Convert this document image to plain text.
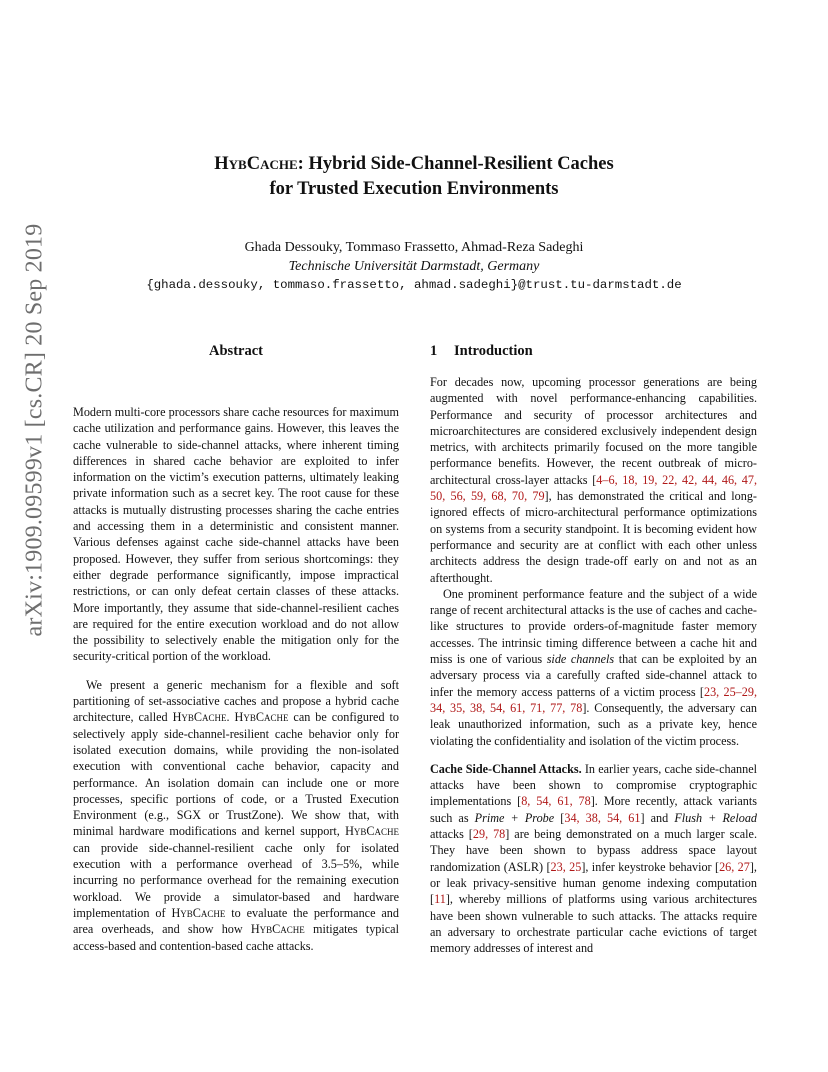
arXiv:1909.09599v1 [cs.CR] 20 Sep 2019
HybCache: Hybrid Side-Channel-Resilient Caches
for Trusted Execution Environments
Ghada Dessouky, Tommaso Frassetto, Ahmad-Reza Sadeghi
Technische Universität Darmstadt, Germany
{ghada.dessouky, tommaso.frassetto, ahmad.sadeghi}@trust.tu-darmstadt.de
Abstract	1 Introduction

Modern multi-core processors share cache resources for maximum cache utilization and performance gains. However, this leaves the cache vulnerable to side-channel attacks, where inherent timing differences in shared cache behavior are exploited to infer information on the victim’s execution patterns, ultimately leaking private information such as a secret key. The root cause for these attacks is mutually distrusting processes sharing the cache entries and accessing them in a deterministic and consistent manner. Various defenses against cache side-channel attacks have been proposed. However, they suffer from serious shortcomings: they either degrade performance significantly, impose impractical restrictions, or can only defeat certain classes of these attacks. More importantly, they assume that side-channel-resilient caches are required for the entire execution workload and do not allow the possibility to selectively enable the mitigation only for the security-critical portion of the workload.

We present a generic mechanism for a flexible and soft partitioning of set-associative caches and propose a hybrid cache architecture, called HybCache. HybCache can be configured to selectively apply side-channel-resilient cache behavior only for isolated execution domains, while providing the non-isolated execution with conventional cache behavior, capacity and performance. An isolation domain can include one or more processes, specific portions of code, or a Trusted Execution Environment (e.g., SGX or TrustZone). We show that, with minimal hardware modifications and kernel support, HybCache can provide side-channel-resilient cache only for isolated execution with a performance overhead of 3.5–5%, while incurring no performance overhead for the remaining execution workload. We provide a simulator-based and hardware implementation of HybCache to evaluate the performance and area overheads, and show how HybCache mitigates typical access-based and contention-based cache attacks.

For decades now, upcoming processor generations are being augmented with novel performance-enhancing capabilities. Performance and security of processor architectures and microarchitectures are considered exclusively independent design metrics, with architects primarily focused on the more tangible performance benefits. However, the recent outbreak of micro-architectural cross-layer attacks [4–6, 18, 19, 22, 42, 44, 46, 47, 50, 56, 59, 68, 70, 79], has demonstrated the critical and long-ignored effects of micro-architectural performance optimizations on systems from a security standpoint. It is becoming evident how performance and security are at conflict with each other unless architects address the design trade-off early on and not as an afterthought.

One prominent performance feature and the subject of a wide range of recent architectural attacks is the use of caches and cache-like structures to provide orders-of-magnitude faster memory accesses. The intrinsic timing difference between a cache hit and miss is one of various side channels that can be exploited by an adversary process via a carefully crafted side-channel attack to infer the memory access patterns of a victim process [23, 25–29, 34, 35, 38, 54, 61, 71, 77, 78]. Consequently, the adversary can leak unauthorized information, such as a private key, hence violating the confidentiality and isolation of the victim process.

Cache Side-Channel Attacks. In earlier years, cache side-channel attacks have been shown to compromise cryptographic implementations [8, 54, 61, 78]. More recently, attack variants such as Prime + Probe [34, 38, 54, 61] and Flush + Reload attacks [29, 78] are being demonstrated on a much larger scale. They have been shown to bypass address space layout randomization (ASLR) [23, 25], infer keystroke behavior [26, 27], or leak privacy-sensitive human genome indexing computation [11], whereby millions of platforms using various architectures have been shown vulnerable to such attacks. The attacks require an adversary to orchestrate particular cache evictions of target memory addresses of interest and
